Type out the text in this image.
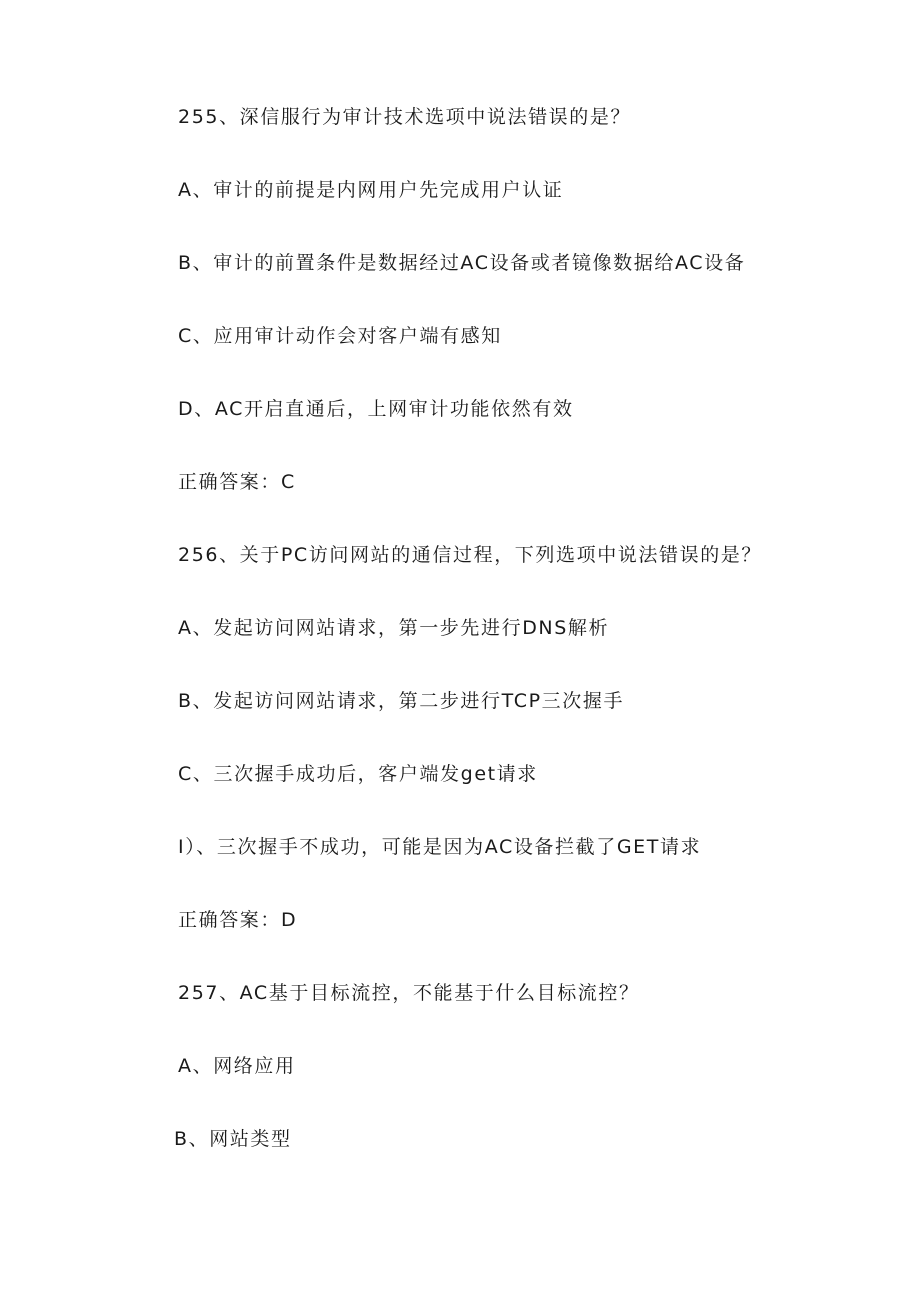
255、深信服行为审计技术选项中说法错误的是？
A、审计的前提是内网用户先完成用户认证
B、审计的前置条件是数据经过AC设备或者镜像数据给AC设备
C、应用审计动作会对客户端有感知
D、AC开启直通后，上网审计功能依然有效
正确答案：C
256、关于PC访问网站的通信过程，下列选项中说法错误的是？
A、发起访问网站请求，第一步先进行DNS解析
B、发起访问网站请求，第二步进行TCP三次握手
C、三次握手成功后，客户端发get请求
I）、三次握手不成功，可能是因为AC设备拦截了GET请求
正确答案：D
257、AC基于目标流控，不能基于什么目标流控？
A、网络应用
B、网站类型
